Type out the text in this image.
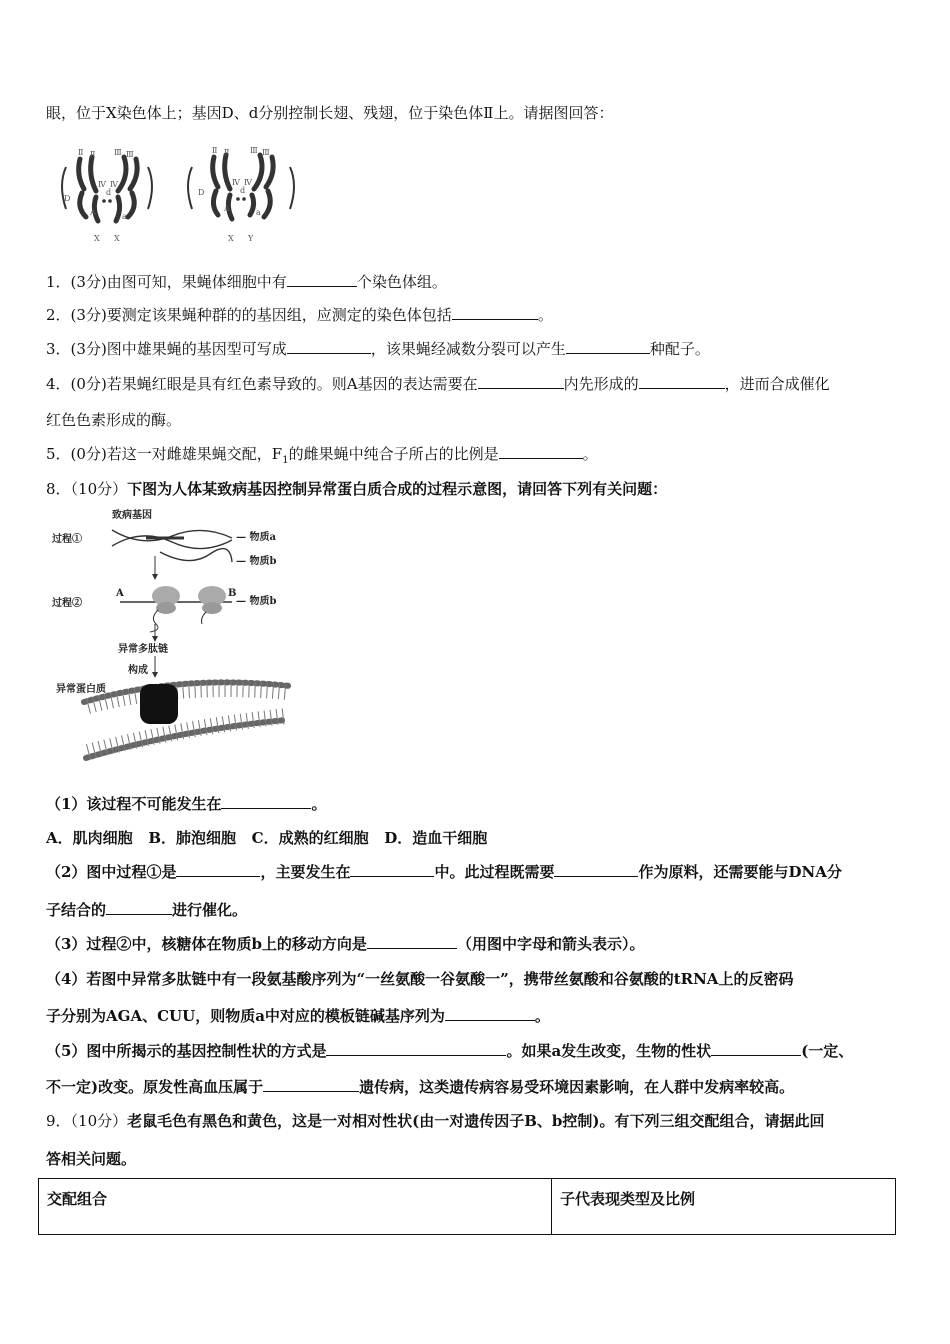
眼，位于X染色体上；基因D、d分别控制长翅、残翅，位于染色体Ⅱ上。请据图回答：
Ⅱ Ⅱ Ⅲ Ⅲ
Ⅳ Ⅳ
D
d
A	a
X X
Ⅱ Ⅱ	Ⅲ Ⅲ
Ⅳ Ⅳ
D	d
A	a
X Y
1．(3分)由图可知，果蝇体细胞中有	个染色体组。
2．(3分)要测定该果蝇种群的的基因组，应测定的染色体包括	。
3．(3分)图中雄果蝇的基因型可写成	，该果蝇经减数分裂可以产生	种配子。
4．(0分)若果蝇红眼是具有红色素导致的。则A基因的表达需要在	内先形成的	，进而合成催化
红色色素形成的酶。
5．(0分)若这一对雌雄果蝇交配，$F_1$的雌果蝇中纯合子所占的比例是	。
8．（10分）下图为人体某致病基因控制异常蛋白质合成的过程示意图，请回答下列有关问题：
致病基因
过程①
过程②
— 物质a
— 物质b
— 物质b
A	B
异常多肽链
构成
异常蛋白质
（1）该过程不可能发生在	。
A．肌肉细胞 B．肺泡细胞 C．成熟的红细胞 D．造血干细胞
（2）图中过程①是	，主要发生在	中。此过程既需要	作为原料，还需要能与DNA分
子结合的	进行催化。
（3）过程②中，核糖体在物质b上的移动方向是	（用图中字母和箭头表示）。
（4）若图中异常多肽链中有一段氨基酸序列为“一丝氨酸一谷氨酸一”，携带丝氨酸和谷氨酸的tRNA上的反密码
子分别为AGA、CUU，则物质a中对应的模板链碱基序列为	。
（5）图中所揭示的基因控制性状的方式是	。如果a发生改变，生物的性状	(一定、
不一定)改变。原发性高血压属于	遗传病，这类遗传病容易受环境因素影响，在人群中发病率较高。
9．（10分）老鼠毛色有黑色和黄色，这是一对相对性状(由一对遗传因子B、b控制)。有下列三组交配组合，请据此回
答相关问题。
交配组合	子代表现类型及比例
